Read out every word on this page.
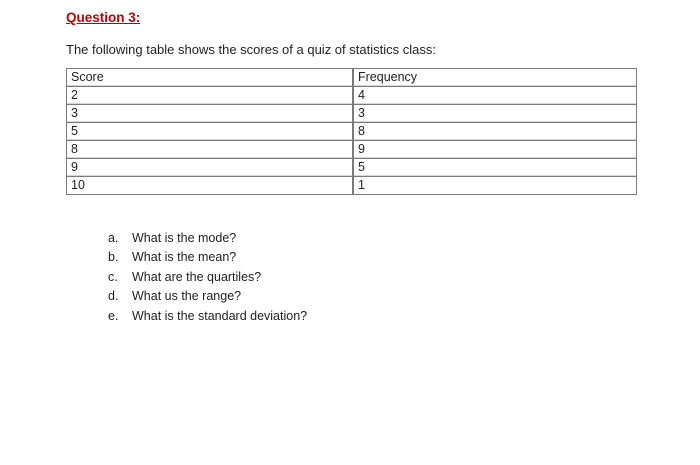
Question 3:
The following table shows the scores of a quiz of statistics class:
Score	Frequency
2	4
3	3
5	8
8	9
9	5
10	1
a. What is the mode?
b. What is the mean?
c. What are the quartiles?
d. What us the range?
e. What is the standard deviation?
